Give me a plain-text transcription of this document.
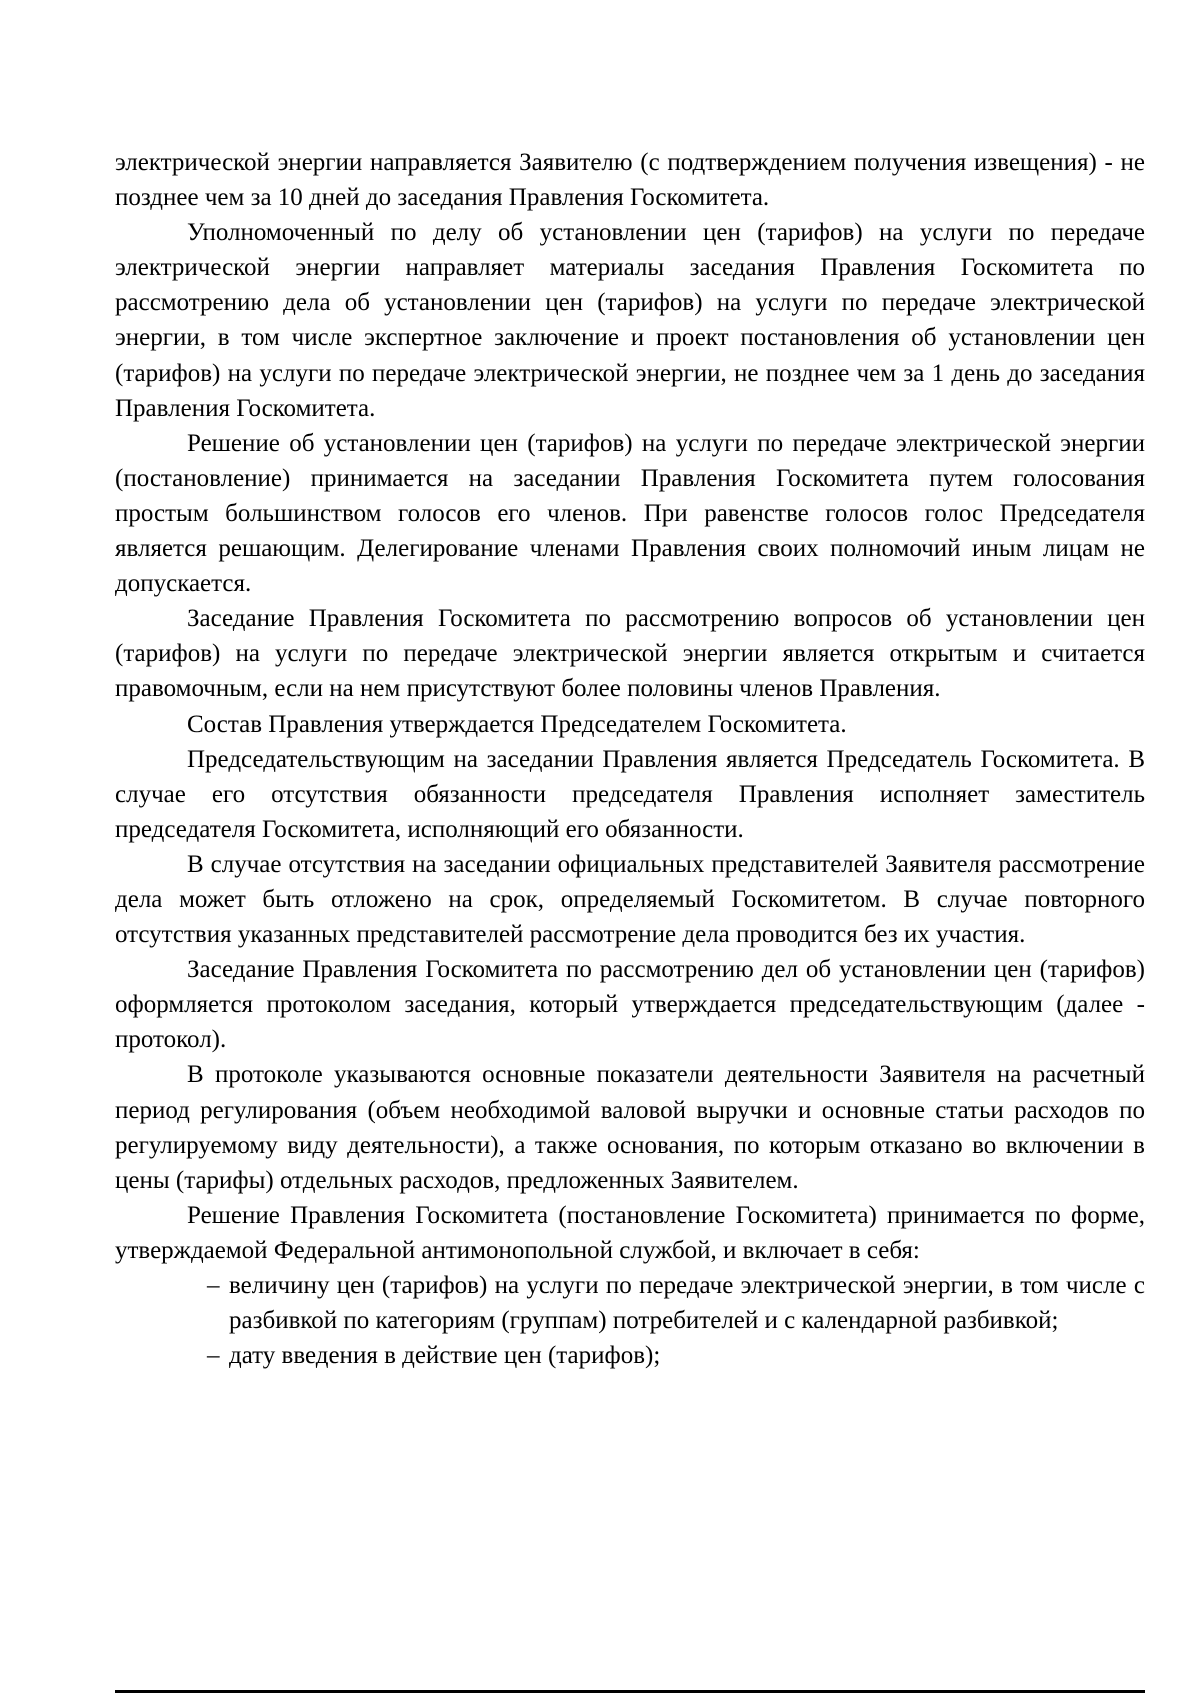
электрической энергии направляется Заявителю (с подтверждением получения извещения) - не позднее чем за 10 дней до заседания Правления Госкомитета.

Уполномоченный по делу об установлении цен (тарифов) на услуги по передаче электрической энергии направляет материалы заседания Правления Госкомитета по рассмотрению дела об установлении цен (тарифов) на услуги по передаче электрической энергии, в том числе экспертное заключение и проект постановления об установлении цен (тарифов) на услуги по передаче электрической энергии, не позднее чем за 1 день до заседания Правления Госкомитета.

Решение об установлении цен (тарифов) на услуги по передаче электрической энергии (постановление) принимается на заседании Правления Госкомитета путем голосования простым большинством голосов его членов. При равенстве голосов голос Председателя является решающим. Делегирование членами Правления своих полномочий иным лицам не допускается.

Заседание Правления Госкомитета по рассмотрению вопросов об установлении цен (тарифов) на услуги по передаче электрической энергии является открытым и считается правомочным, если на нем присутствуют более половины членов Правления.

Состав Правления утверждается Председателем Госкомитета.

Председательствующим на заседании Правления является Председатель Госкомитета. В случае его отсутствия обязанности председателя Правления исполняет заместитель председателя Госкомитета, исполняющий его обязанности.

В случае отсутствия на заседании официальных представителей Заявителя рассмотрение дела может быть отложено на срок, определяемый Госкомитетом. В случае повторного отсутствия указанных представителей рассмотрение дела проводится без их участия.

Заседание Правления Госкомитета по рассмотрению дел об установлении цен (тарифов) оформляется протоколом заседания, который утверждается председательствующим (далее - протокол).

В протоколе указываются основные показатели деятельности Заявителя на расчетный период регулирования (объем необходимой валовой выручки и основные статьи расходов по регулируемому виду деятельности), а также основания, по которым отказано во включении в цены (тарифы) отдельных расходов, предложенных Заявителем.

Решение Правления Госкомитета (постановление Госкомитета) принимается по форме, утверждаемой Федеральной антимонопольной службой, и включает в себя:

– величину цен (тарифов) на услуги по передаче электрической энергии, в том числе с разбивкой по категориям (группам) потребителей и с календарной разбивкой;
– дату введения в действие цен (тарифов);
